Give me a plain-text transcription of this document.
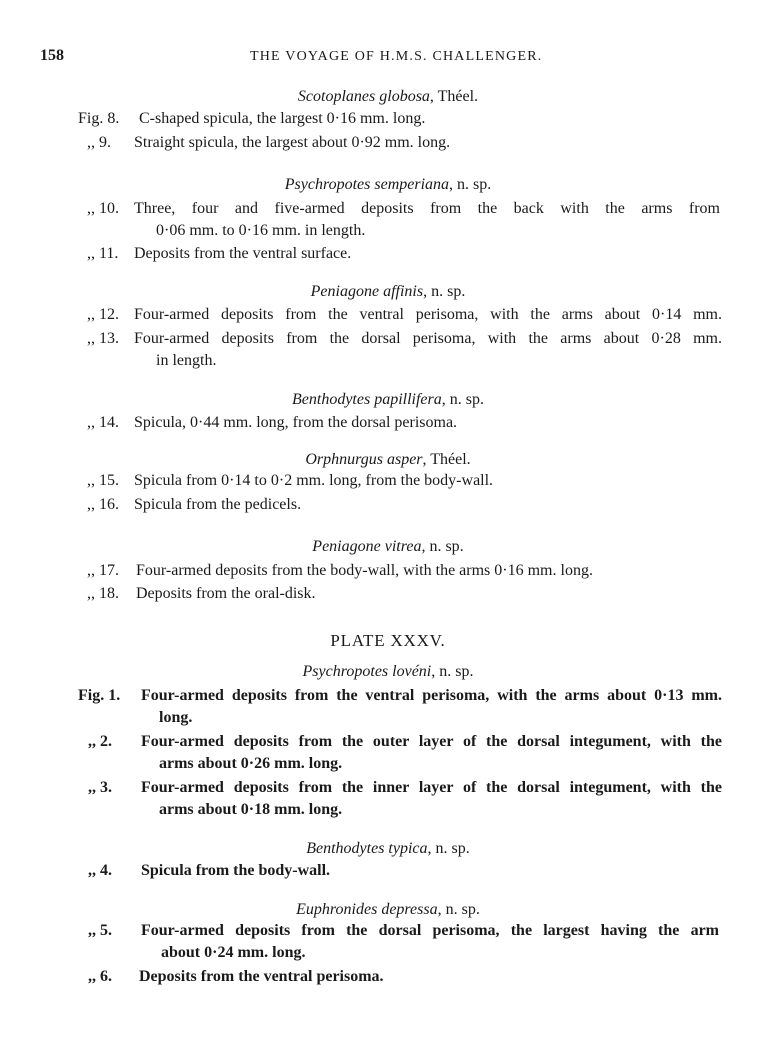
158	THE VOYAGE OF H.M.S. CHALLENGER.
Scotoplanes globosa, Théel.
Fig. 8. C-shaped spicula, the largest 0·16 mm. long.
,, 9. Straight spicula, the largest about 0·92 mm. long.
Psychropotes semperiana, n. sp.
,, 10. Three, four and five-armed deposits from the back with the arms from
0·06 mm. to 0·16 mm. in length.
,, 11. Deposits from the ventral surface.
Peniagone affinis, n. sp.
,, 12. Four-armed deposits from the ventral perisoma, with the arms about 0·14 mm.
,, 13. Four-armed deposits from the dorsal perisoma, with the arms about 0·28 mm.
in length.
Benthodytes papillifera, n. sp.
,, 14. Spicula, 0·44 mm. long, from the dorsal perisoma.
Orphnurgus asper, Théel.
,, 15. Spicula from 0·14 to 0·2 mm. long, from the body-wall.
,, 16. Spicula from the pedicels.
Peniagone vitrea, n. sp.
,, 17. Four-armed deposits from the body-wall, with the arms 0·16 mm. long.
,, 18. Deposits from the oral-disk.
PLATE XXXV.
Psychropotes lovéni, n. sp.
Fig. 1. Four-armed deposits from the ventral perisoma, with the arms about 0·13 mm.
long.
,, 2. Four-armed deposits from the outer layer of the dorsal integument, with the
arms about 0·26 mm. long.
,, 3. Four-armed deposits from the inner layer of the dorsal integument, with the
arms about 0·18 mm. long.
Benthodytes typica, n. sp.
,, 4. Spicula from the body-wall.
Euphronides depressa, n. sp.
,, 5. Four-armed deposits from the dorsal perisoma, the largest having the arm
about 0·24 mm. long.
,, 6. Deposits from the ventral perisoma.
